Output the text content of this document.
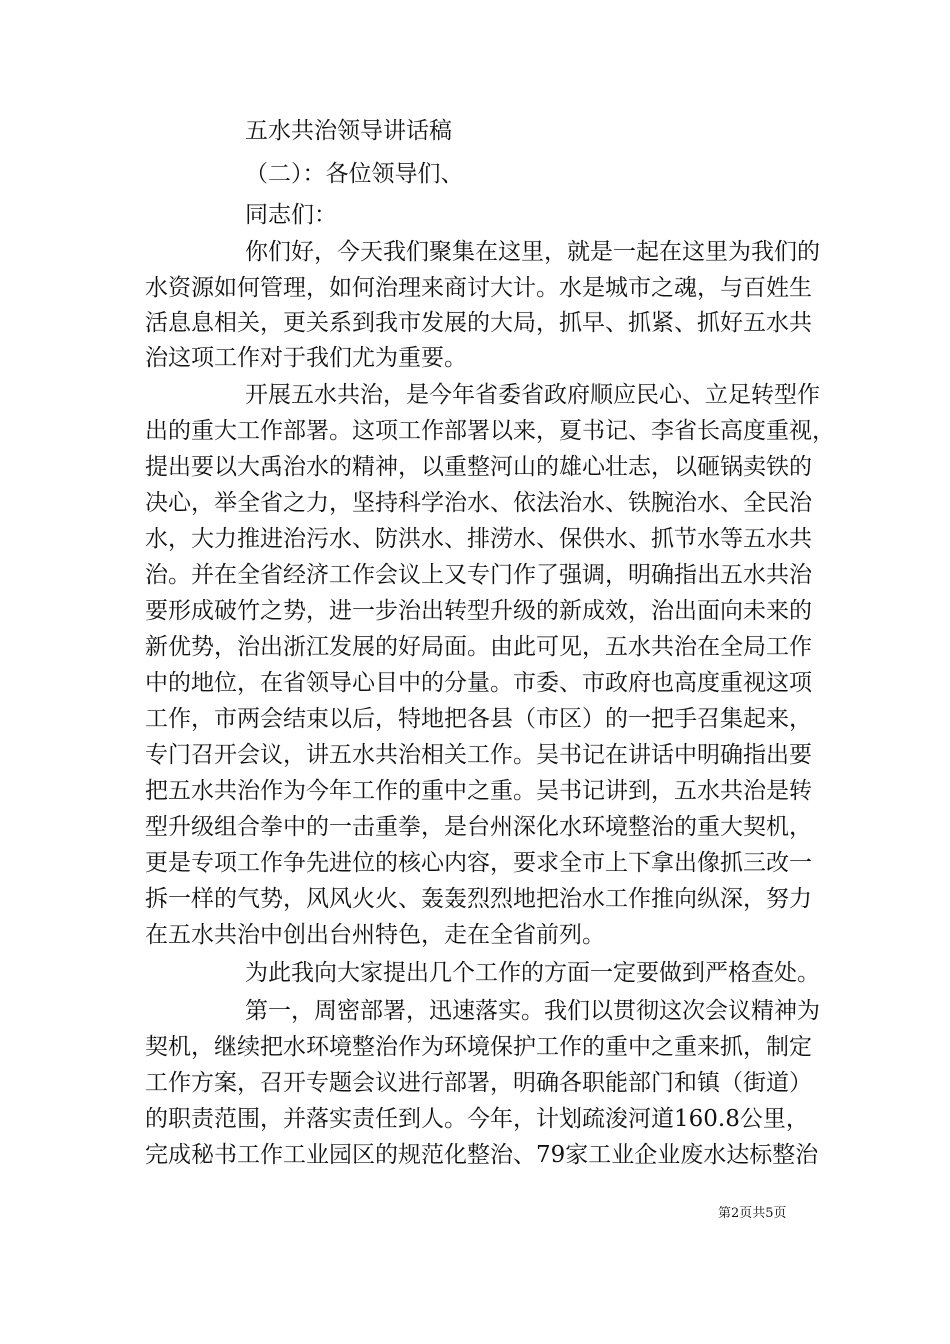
五水共治领导讲话稿
（二）：各位领导们、
同志们：
你们好，今天我们聚集在这里，就是一起在这里为我们的
水资源如何管理，如何治理来商讨大计。水是城市之魂，与百姓生
活息息相关，更关系到我市发展的大局，抓早、抓紧、抓好五水共
治这项工作对于我们尤为重要。
开展五水共治，是今年省委省政府顺应民心、立足转型作
出的重大工作部署。这项工作部署以来，夏书记、李省长高度重视，
提出要以大禹治水的精神，以重整河山的雄心壮志，以砸锅卖铁的
决心，举全省之力，坚持科学治水、依法治水、铁腕治水、全民治
水，大力推进治污水、防洪水、排涝水、保供水、抓节水等五水共
治。并在全省经济工作会议上又专门作了强调，明确指出五水共治
要形成破竹之势，进一步治出转型升级的新成效，治出面向未来的
新优势，治出浙江发展的好局面。由此可见，五水共治在全局工作
中的地位，在省领导心目中的分量。市委、市政府也高度重视这项
工作，市两会结束以后，特地把各县（市区）的一把手召集起来，
专门召开会议，讲五水共治相关工作。吴书记在讲话中明确指出要
把五水共治作为今年工作的重中之重。吴书记讲到，五水共治是转
型升级组合拳中的一击重拳，是台州深化水环境整治的重大契机，
更是专项工作争先进位的核心内容，要求全市上下拿出像抓三改一
拆一样的气势，风风火火、轰轰烈烈地把治水工作推向纵深，努力
在五水共治中创出台州特色，走在全省前列。
为此我向大家提出几个工作的方面一定要做到严格查处。
第一，周密部署，迅速落实。我们以贯彻这次会议精神为
契机，继续把水环境整治作为环境保护工作的重中之重来抓，制定
工作方案，召开专题会议进行部署，明确各职能部门和镇（街道）
的职责范围，并落实责任到人。今年，计划疏浚河道160.8公里，
完成秘书工作工业园区的规范化整治、79家工业企业废水达标整治
第2页共5页
